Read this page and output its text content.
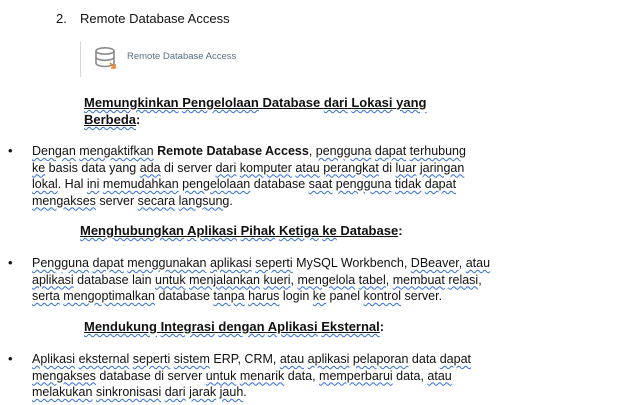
2. Remote Database Access
Remote Database Access
Memungkinkan Pengelolaan Database dari Lokasi yang
Berbeda:
• Dengan mengaktifkan Remote Database Access, pengguna dapat terhubung
ke basis data yang ada di server dari komputer atau perangkat di luar jaringan
lokal. Hal ini memudahkan pengelolaan database saat pengguna tidak dapat
mengakses server secara langsung.
Menghubungkan Aplikasi Pihak Ketiga ke Database:
• Pengguna dapat menggunakan aplikasi seperti MySQL Workbench, DBeaver, atau
aplikasi database lain untuk menjalankan kueri, mengelola tabel, membuat relasi,
serta mengoptimalkan database tanpa harus login ke panel kontrol server.
Mendukung Integrasi dengan Aplikasi Eksternal:
• Aplikasi eksternal seperti sistem ERP, CRM, atau aplikasi pelaporan data dapat
mengakses database di server untuk menarik data, memperbarui data, atau
melakukan sinkronisasi dari jarak jauh.
